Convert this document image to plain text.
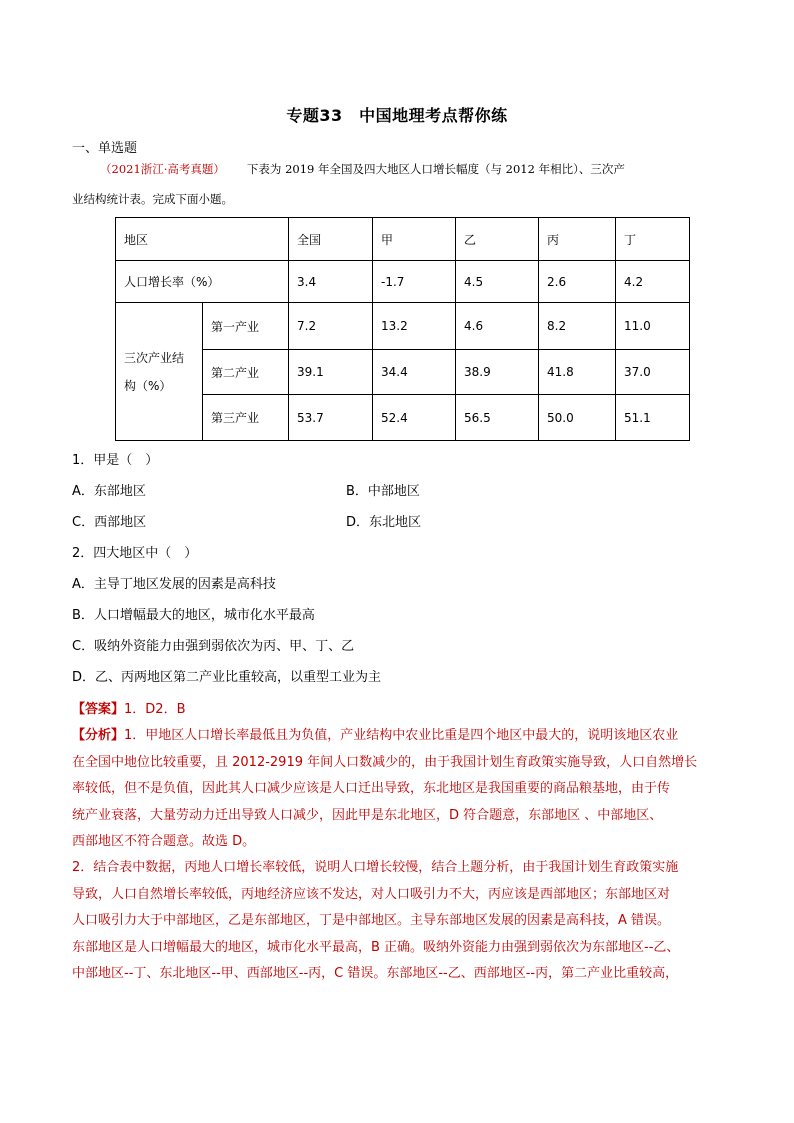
专题33　中国地理考点帮你练
一、单选题
（2021浙江·高考真题） 下表为 2019 年全国及四大地区人口增长幅度（与 2012 年相比）、三次产
业结构统计表。完成下面小题。
地区		全国	甲	乙	丙	丁
人口增长率（%）		3.4	-1.7	4.5	2.6	4.2

三次产业结
构（%）	第一产业	7.2	13.2	4.6	8.2	11.0
	第二产业	39.1	34.4	38.9	41.8	37.0
	第三产业	53.7	52.4	56.5	50.0	51.1
1．甲是（　）
A．东部地区	B．中部地区
C．西部地区	D．东北地区
2．四大地区中（　）
A．主导丁地区发展的因素是高科技
B．人口增幅最大的地区，城市化水平最高
C．吸纳外资能力由强到弱依次为丙、甲、丁、乙
D．乙、丙两地区第二产业比重较高，以重型工业为主
【答案】1．D2．B
【分析】1．甲地区人口增长率最低且为负值，产业结构中农业比重是四个地区中最大的，说明该地区农业
在全国中地位比较重要，且 2012-2919 年间人口数减少的，由于我国计划生育政策实施导致，人口自然增长
率较低，但不是负值，因此其人口减少应该是人口迁出导致，东北地区是我国重要的商品粮基地，由于传
统产业衰落，大量劳动力迁出导致人口减少，因此甲是东北地区，D 符合题意，东部地区 、中部地区、
西部地区不符合题意。故选 D。
2．结合表中数据，丙地人口增长率较低，说明人口增长较慢，结合上题分析，由于我国计划生育政策实施
导致，人口自然增长率较低，丙地经济应该不发达，对人口吸引力不大，丙应该是西部地区；东部地区对
人口吸引力大于中部地区，乙是东部地区，丁是中部地区。主导东部地区发展的因素是高科技，A 错误。
东部地区是人口增幅最大的地区，城市化水平最高，B 正确。吸纳外资能力由强到弱依次为东部地区--乙、
中部地区--丁、东北地区--甲、西部地区--丙，C 错误。东部地区--乙、西部地区--丙，第二产业比重较高，
